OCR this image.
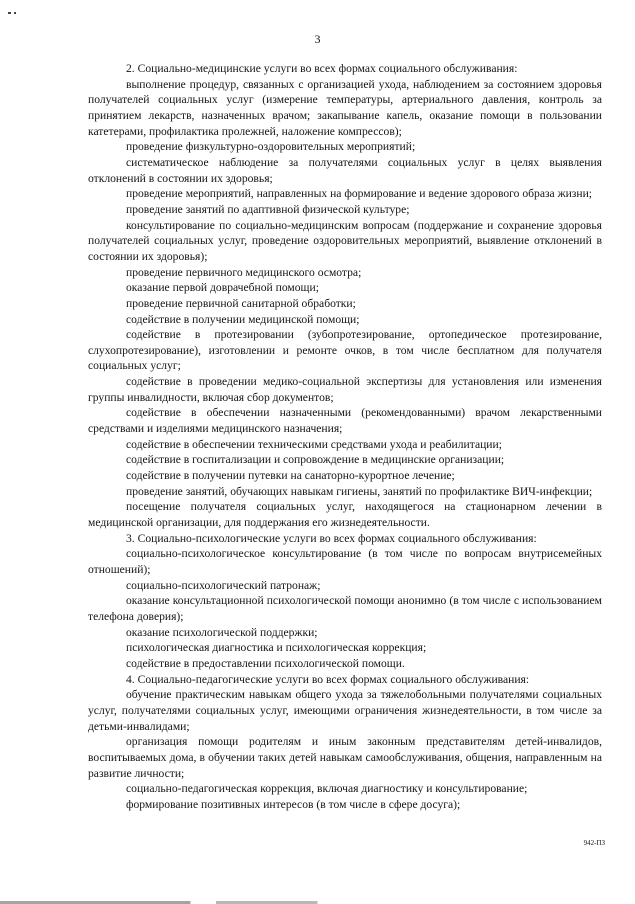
3

2. Социально-медицинские услуги во всех формах социального обслуживания:

выполнение процедур, связанных с организацией ухода, наблюдением за состоянием здоровья получателей социальных услуг (измерение температуры, артериального давления, контроль за принятием лекарств, назначенных врачом; закапывание капель, оказание помощи в пользовании катетерами, профилактика пролежней, наложение компрессов);

проведение физкультурно-оздоровительных мероприятий;

систематическое наблюдение за получателями социальных услуг в целях выявления отклонений в состоянии их здоровья;

проведение мероприятий, направленных на формирование и ведение здорового образа жизни;

проведение занятий по адаптивной физической культуре;

консультирование по социально-медицинским вопросам (поддержание и сохранение здоровья получателей социальных услуг, проведение оздоровительных мероприятий, выявление отклонений в состоянии их здоровья);

проведение первичного медицинского осмотра;

оказание первой доврачебной помощи;

проведение первичной санитарной обработки;

содействие в получении медицинской помощи;

содействие в протезировании (зубопротезирование, ортопедическое протезирование, слухопротезирование), изготовлении и ремонте очков, в том числе бесплатном для получателя социальных услуг;

содействие в проведении медико-социальной экспертизы для установления или изменения группы инвалидности, включая сбор документов;

содействие в обеспечении назначенными (рекомендованными) врачом лекарственными средствами и изделиями медицинского назначения;

содействие в обеспечении техническими средствами ухода и реабилитации;

содействие в госпитализации и сопровождение в медицинские организации;

содействие в получении путевки на санаторно-курортное лечение;

проведение занятий, обучающих навыкам гигиены, занятий по профилактике ВИЧ-инфекции;

посещение получателя социальных услуг, находящегося на стационарном лечении в медицинской организации, для поддержания его жизнедеятельности.

3. Социально-психологические услуги во всех формах социального обслуживания:

социально-психологическое консультирование (в том числе по вопросам внутрисемейных отношений);

социально-психологический патронаж;

оказание консультационной психологической помощи анонимно (в том числе с использованием телефона доверия);

оказание психологической поддержки;

психологическая диагностика и психологическая коррекция;

содействие в предоставлении психологической помощи.

4. Социально-педагогические услуги во всех формах социального обслуживания:

обучение практическим навыкам общего ухода за тяжелобольными получателями социальных услуг, получателями социальных услуг, имеющими ограничения жизнедеятельности, в том числе за детьми-инвалидами;

организация помощи родителям и иным законным представителям детей-инвалидов, воспитываемых дома, в обучении таких детей навыкам самообслуживания, общения, направленным на развитие личности;

социально-педагогическая коррекция, включая диагностику и консультирование;

формирование позитивных интересов (в том числе в сфере досуга);

942-ПЗ
